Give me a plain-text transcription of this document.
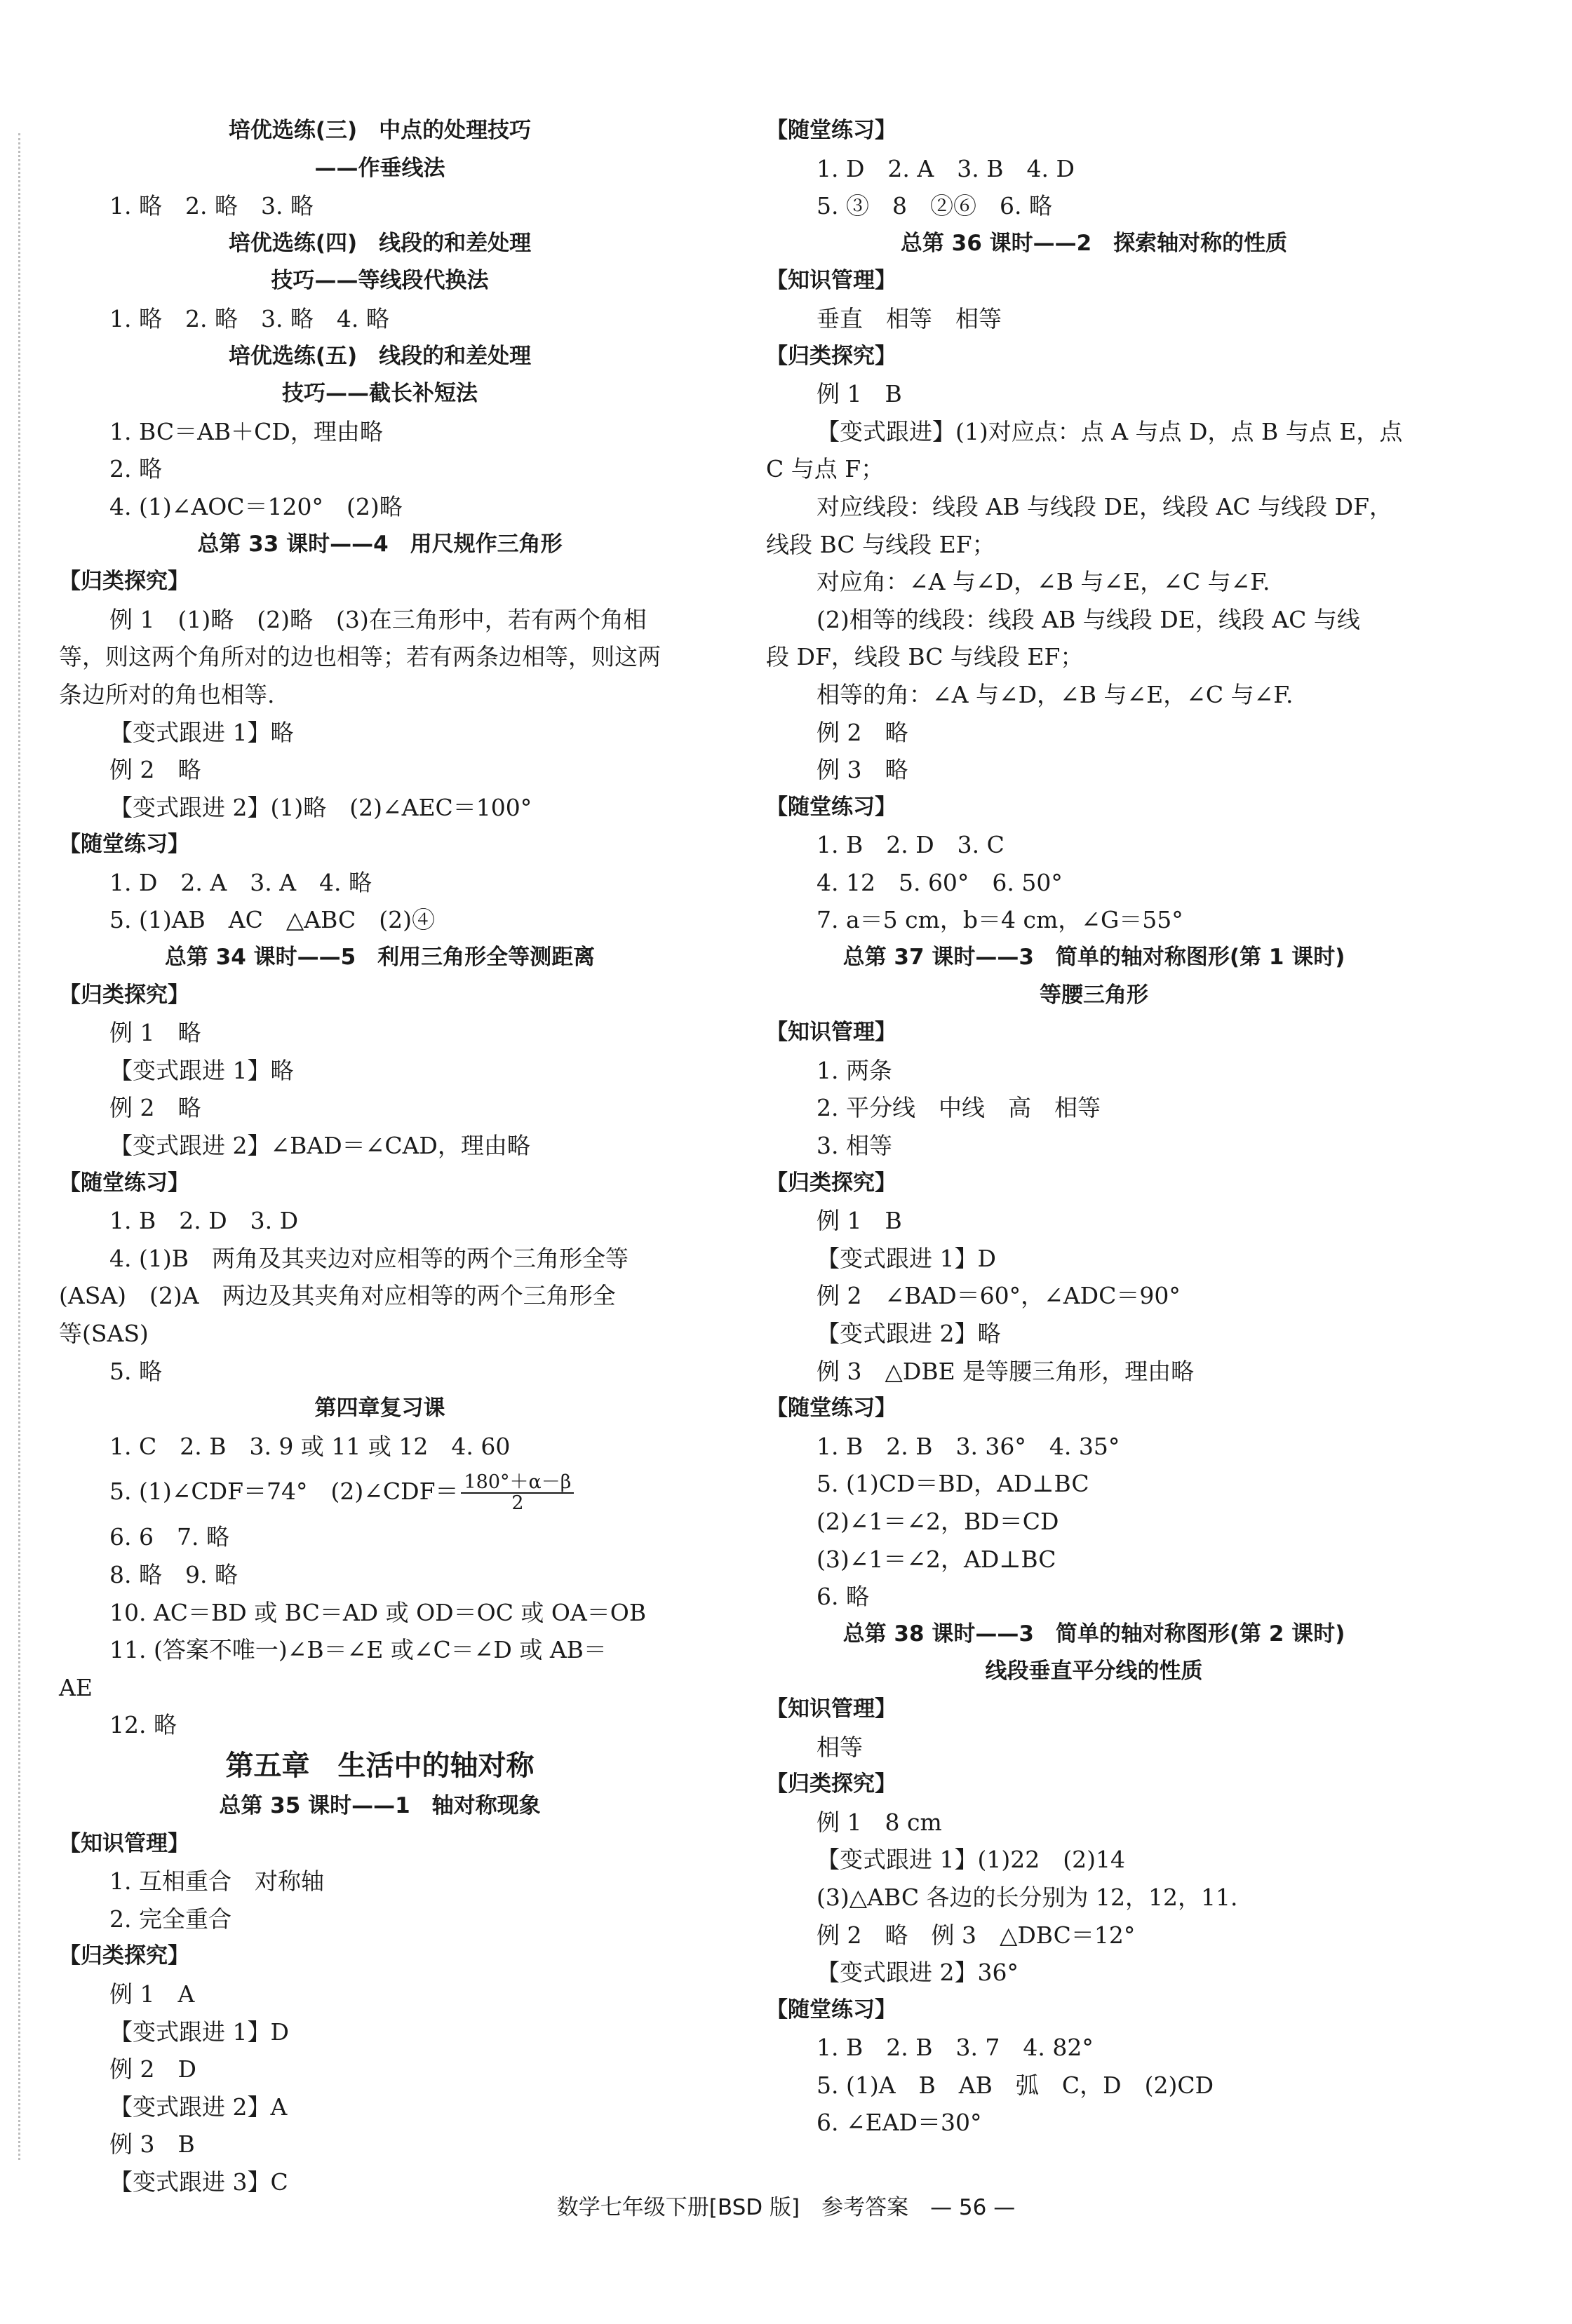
培优选练(三)　中点的处理技巧
——作垂线法
1. 略　2. 略　3. 略
培优选练(四)　线段的和差处理
技巧——等线段代换法
1. 略　2. 略　3. 略　4. 略
培优选练(五)　线段的和差处理
技巧——截长补短法
1. BC＝AB＋CD，理由略
2. 略
4. (1)∠AOC＝120°　(2)略
总第 33 课时——4　用尺规作三角形
【归类探究】
例 1　(1)略　(2)略　(3)在三角形中，若有两个角相
等，则这两个角所对的边也相等；若有两条边相等，则这两
条边所对的角也相等.
【变式跟进 1】略
例 2　略
【变式跟进 2】(1)略　(2)∠AEC＝100°
【随堂练习】
1. D　2. A　3. A　4. 略
5. (1)AB　AC　△ABC　(2)④
总第 34 课时——5　利用三角形全等测距离
【归类探究】
例 1　略
【变式跟进 1】略
例 2　略
【变式跟进 2】∠BAD＝∠CAD，理由略
【随堂练习】
1. B　2. D　3. D
4. (1)B　两角及其夹边对应相等的两个三角形全等
(ASA)　(2)A　两边及其夹角对应相等的两个三角形全
等(SAS)
5. 略
第四章复习课
1. C　2. B　3. 9 或 11 或 12　4. 60
5. (1)∠CDF＝74°　(2)∠CDF＝ $\frac{180^\circ+\alpha-\beta}{2}$
6. 6　7. 略
8. 略　9. 略
10. AC＝BD 或 BC＝AD 或 OD＝OC 或 OA＝OB
11. (答案不唯一)∠B＝∠E 或∠C＝∠D 或 AB＝
AE
12. 略
第五章　生活中的轴对称
总第 35 课时——1　轴对称现象
【知识管理】
1. 互相重合　对称轴
2. 完全重合
【归类探究】
例 1　A
【变式跟进 1】D
例 2　D
【变式跟进 2】A
例 3　B
【变式跟进 3】C
【随堂练习】
1. D　2. A　3. B　4. D
5. ③　8　②⑥　6. 略
总第 36 课时——2　探索轴对称的性质
【知识管理】
垂直　相等　相等
【归类探究】
例 1　B
【变式跟进】(1)对应点：点 A 与点 D，点 B 与点 E，点
C 与点 F；
对应线段：线段 AB 与线段 DE，线段 AC 与线段 DF，
线段 BC 与线段 EF；
对应角：∠A 与∠D，∠B 与∠E，∠C 与∠F.
(2)相等的线段：线段 AB 与线段 DE，线段 AC 与线
段 DF，线段 BC 与线段 EF；
相等的角：∠A 与∠D，∠B 与∠E，∠C 与∠F.
例 2　略
例 3　略
【随堂练习】
1. B　2. D　3. C
4. 12　5. 60°　6. 50°
7. a＝5 cm，b＝4 cm，∠G＝55°
总第 37 课时——3　简单的轴对称图形(第 1 课时)
等腰三角形
【知识管理】
1. 两条
2. 平分线　中线　高　相等
3. 相等
【归类探究】
例 1　B
【变式跟进 1】D
例 2　∠BAD＝60°，∠ADC＝90°
【变式跟进 2】略
例 3　△DBE 是等腰三角形，理由略
【随堂练习】
1. B　2. B　3. 36°　4. 35°
5. (1)CD＝BD，AD⊥BC
(2)∠1＝∠2，BD＝CD
(3)∠1＝∠2，AD⊥BC
6. 略
总第 38 课时——3　简单的轴对称图形(第 2 课时)
线段垂直平分线的性质
【知识管理】
相等
【归类探究】
例 1　8 cm
【变式跟进 1】(1)22　(2)14
(3)△ABC 各边的长分别为 12，12，11.
例 2　略　例 3　△DBC＝12°
【变式跟进 2】36°
【随堂练习】
1. B　2. B　3. 7　4. 82°
5. (1)A　B　AB　弧　C，D　(2)CD
6. ∠EAD＝30°
数学七年级下册[BSD 版]　参考答案　— 56 —
